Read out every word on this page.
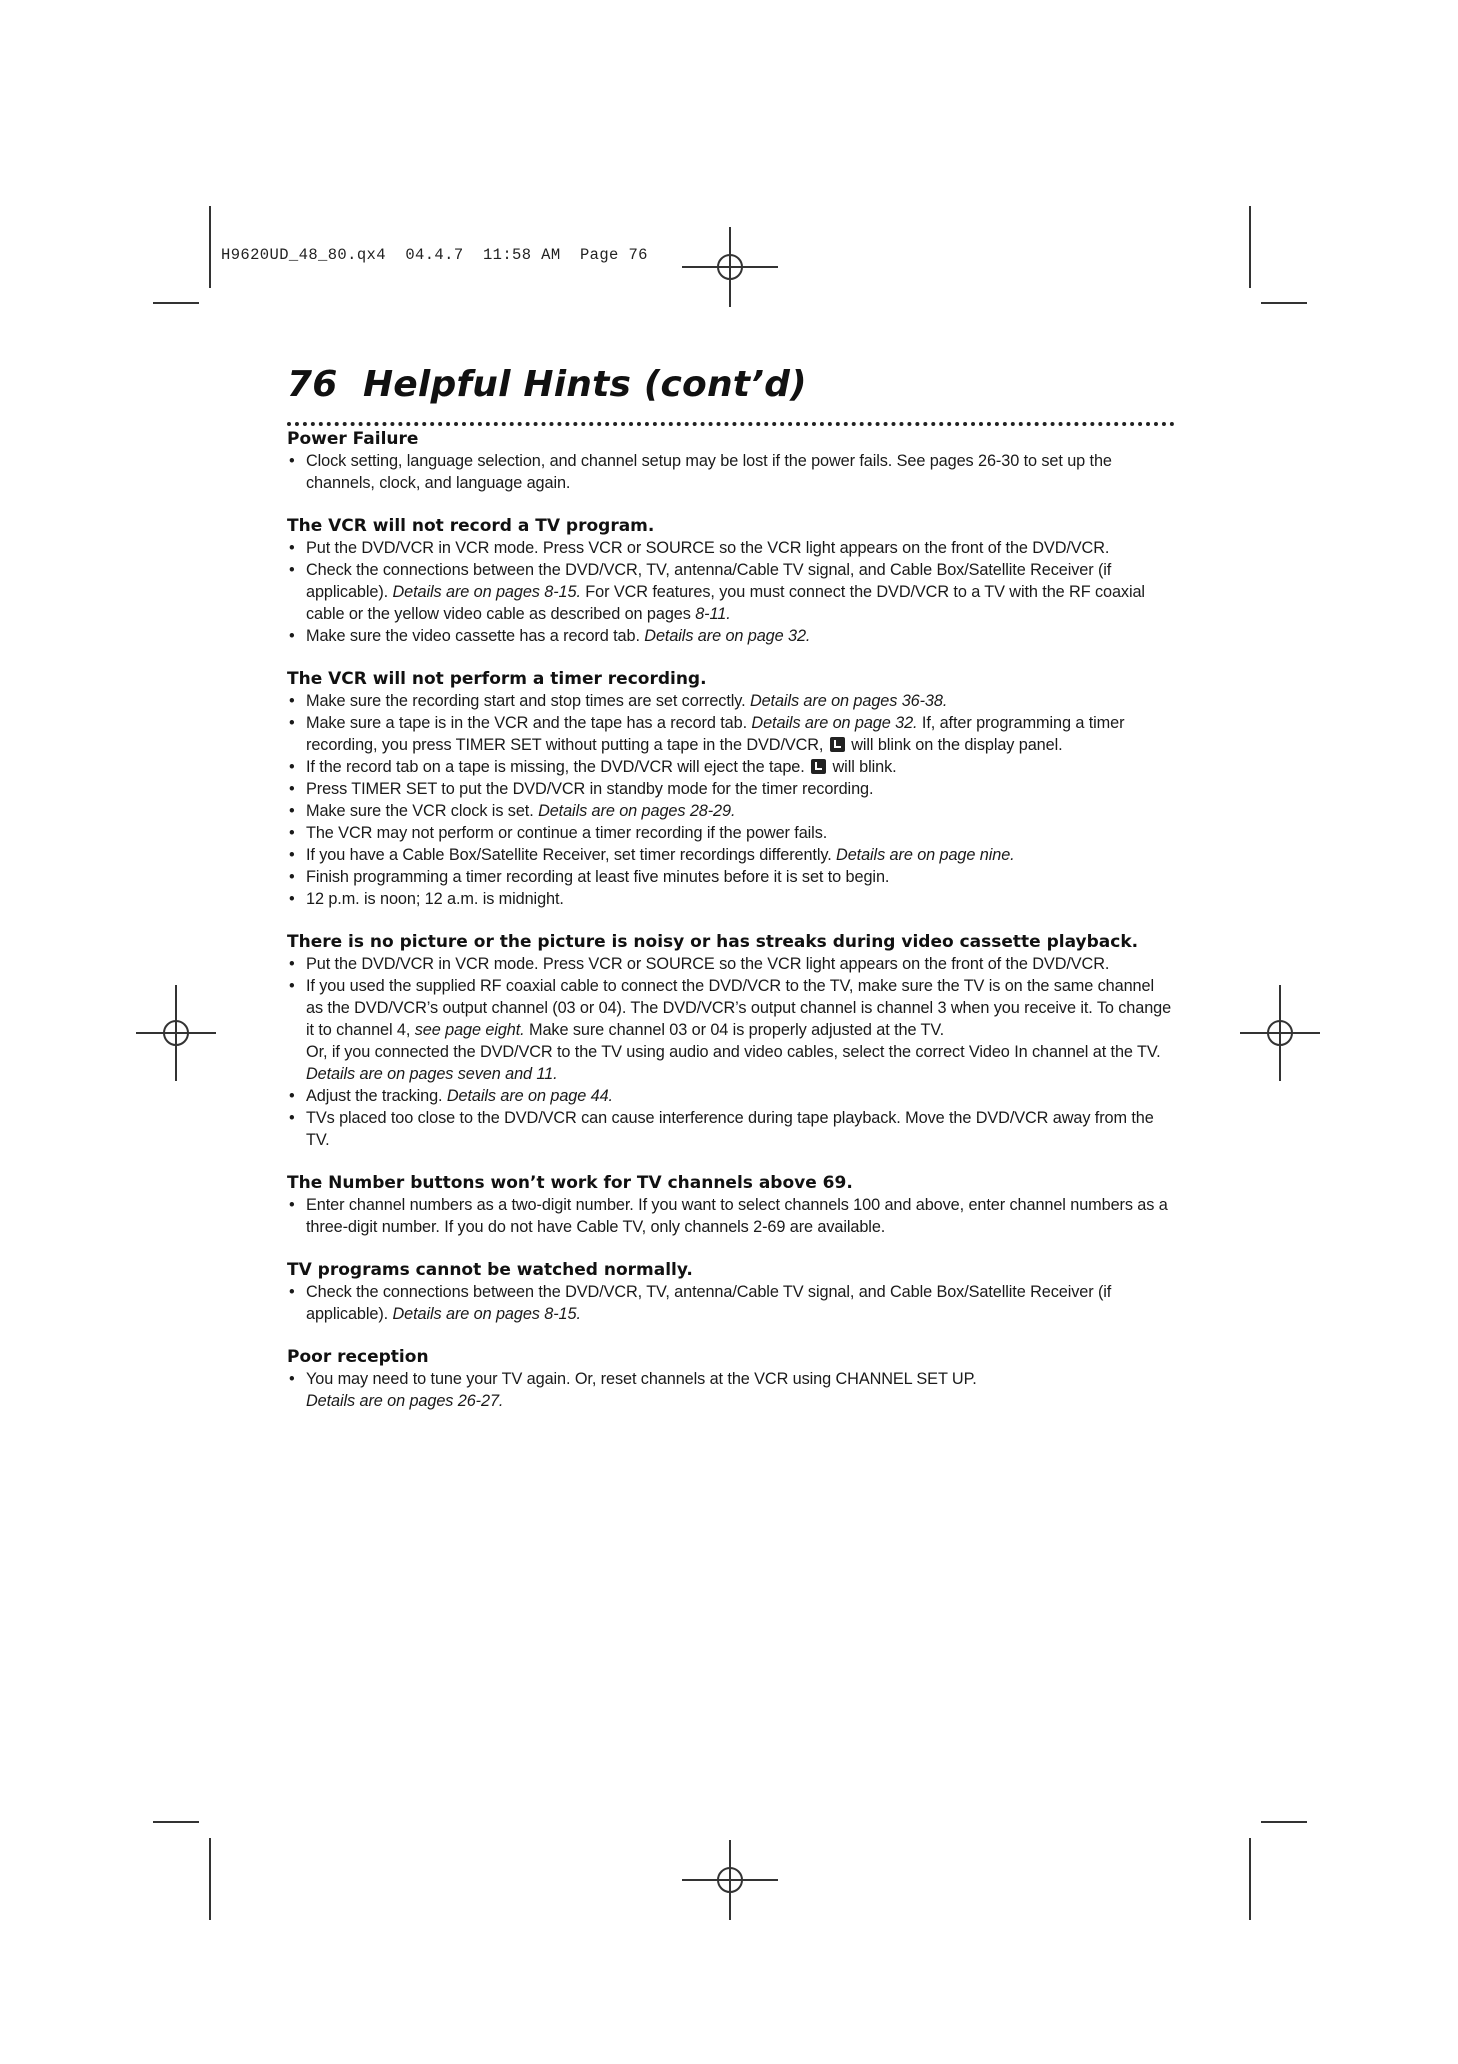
H9620UD_48_80.qx4  04.4.7  11:58 AM  Page 76
76 Helpful Hints (cont’d)
Power Failure
• Clock setting, language selection, and channel setup may be lost if the power fails. See pages 26-30 to set up the channels, clock, and language again.
The VCR will not record a TV program.
• Put the DVD/VCR in VCR mode. Press VCR or SOURCE so the VCR light appears on the front of the DVD/VCR.
• Check the connections between the DVD/VCR, TV, antenna/Cable TV signal, and Cable Box/Satellite Receiver (if applicable). Details are on pages 8-15. For VCR features, you must connect the DVD/VCR to a TV with the RF coaxial cable or the yellow video cable as described on pages 8-11.
• Make sure the video cassette has a record tab. Details are on page 32.
The VCR will not perform a timer recording.
• Make sure the recording start and stop times are set correctly. Details are on pages 36-38.
• Make sure a tape is in the VCR and the tape has a record tab. Details are on page 32. If, after programming a timer recording, you press TIMER SET without putting a tape in the DVD/VCR,  will blink on the display panel.
• If the record tab on a tape is missing, the DVD/VCR will eject the tape.  will blink.
• Press TIMER SET to put the DVD/VCR in standby mode for the timer recording.
• Make sure the VCR clock is set. Details are on pages 28-29.
• The VCR may not perform or continue a timer recording if the power fails.
• If you have a Cable Box/Satellite Receiver, set timer recordings differently. Details are on page nine.
• Finish programming a timer recording at least five minutes before it is set to begin.
• 12 p.m. is noon; 12 a.m. is midnight.
There is no picture or the picture is noisy or has streaks during video cassette playback.
• Put the DVD/VCR in VCR mode. Press VCR or SOURCE so the VCR light appears on the front of the DVD/VCR.
• If you used the supplied RF coaxial cable to connect the DVD/VCR to the TV, make sure the TV is on the same channel as the DVD/VCR’s output channel (03 or 04). The DVD/VCR’s output channel is channel 3 when you receive it. To change it to channel 4, see page eight. Make sure channel 03 or 04 is properly adjusted at the TV.
Or, if you connected the DVD/VCR to the TV using audio and video cables, select the correct Video In channel at the TV. Details are on pages seven and 11.
• Adjust the tracking. Details are on page 44.
• TVs placed too close to the DVD/VCR can cause interference during tape playback. Move the DVD/VCR away from the TV.
The Number buttons won’t work for TV channels above 69.
• Enter channel numbers as a two-digit number. If you want to select channels 100 and above, enter channel numbers as a three-digit number. If you do not have Cable TV, only channels 2-69 are available.
TV programs cannot be watched normally.
• Check the connections between the DVD/VCR, TV, antenna/Cable TV signal, and Cable Box/Satellite Receiver (if applicable). Details are on pages 8-15.
Poor reception
• You may need to tune your TV again. Or, reset channels at the VCR using CHANNEL SET UP.
Details are on pages 26-27.
